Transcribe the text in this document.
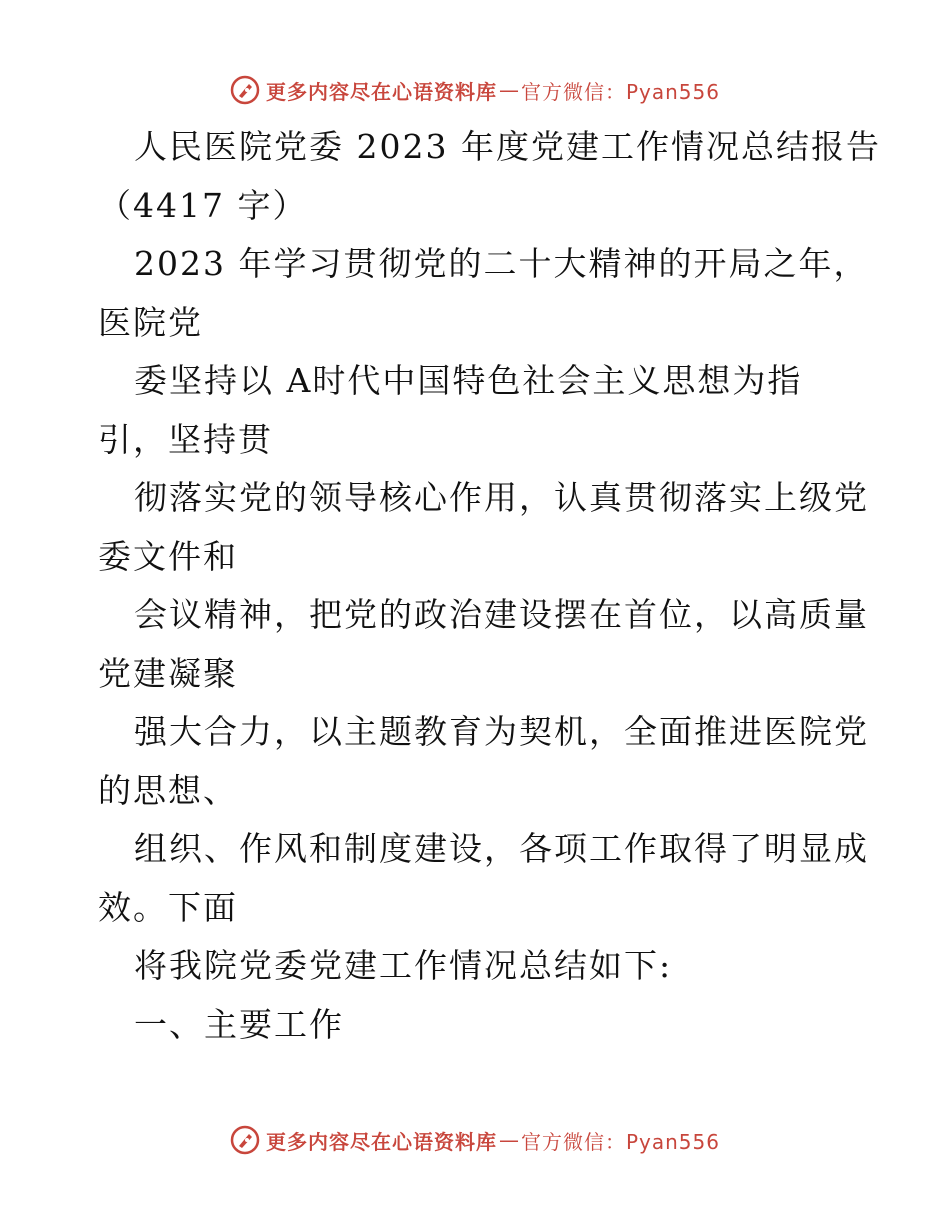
更多内容尽在心语资料库 — 官方微信：Pyan556
人民医院党委 2023 年度党建工作情况总结报告
（4417 字）
2023 年学习贯彻党的二十大精神的开局之年，
医院党
委坚持以 A时代中国特色社会主义思想为指
引，坚持贯
彻落实党的领导核心作用，认真贯彻落实上级党
委文件和
会议精神，把党的政治建设摆在首位，以高质量
党建凝聚
强大合力，以主题教育为契机，全面推进医院党
的思想、
组织、作风和制度建设，各项工作取得了明显成
效。下面
将我院党委党建工作情况总结如下:
一、主要工作
更多内容尽在心语资料库 — 官方微信：Pyan556
